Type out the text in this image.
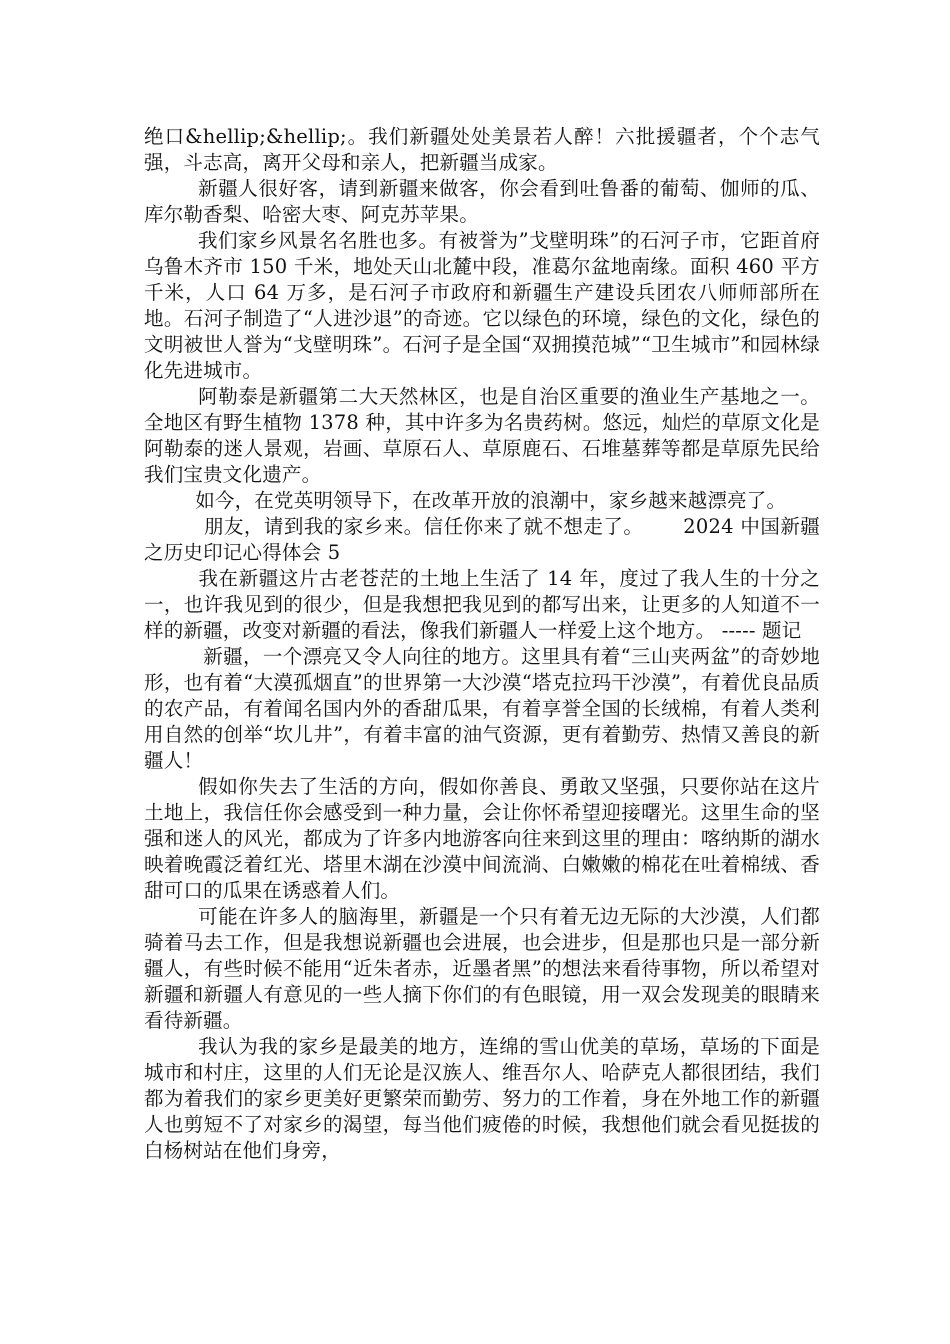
绝口&hellip;&hellip;。我们新疆处处美景若人醉！六批援疆者，个个志气强，斗志高，离开父母和亲人，把新疆当成家。

新疆人很好客，请到新疆来做客，你会看到吐鲁番的葡萄、伽师的瓜、库尔勒香梨、哈密大枣、阿克苏苹果。

我们家乡风景名名胜也多。有被誉为”戈壁明珠”的石河子市，它距首府乌鲁木齐市 150 千米，地处天山北麓中段，准葛尔盆地南缘。面积 460 平方千米，人口 64 万多，是石河子市政府和新疆生产建设兵团农八师师部所在地。石河子制造了“人进沙退”的奇迹。它以绿色的环境，绿色的文化，绿色的文明被世人誉为“戈壁明珠”。石河子是全国“双拥摸范城”“卫生城市”和园林绿化先进城市。

阿勒泰是新疆第二大天然林区，也是自治区重要的渔业生产基地之一。全地区有野生植物 1378 种，其中许多为名贵药树。悠远，灿烂的草原文化是阿勒泰的迷人景观，岩画、草原石人、草原鹿石、石堆墓葬等都是草原先民给我们宝贵文化遗产。

如今，在党英明领导下，在改革开放的浪潮中，家乡越来越漂亮了。

朋友，请到我的家乡来。信任你来了就不想走了。      2024 中国新疆之历史印记心得体会 5

我在新疆这片古老苍茫的土地上生活了 14 年，度过了我人生的十分之一，也许我见到的很少，但是我想把我见到的都写出来，让更多的人知道不一样的新疆，改变对新疆的看法，像我们新疆人一样爱上这个地方。 ----- 题记

新疆，一个漂亮又令人向往的地方。这里具有着“三山夹两盆”的奇妙地形，也有着“大漠孤烟直”的世界第一大沙漠“塔克拉玛干沙漠”，有着优良品质的农产品，有着闻名国内外的香甜瓜果，有着享誉全国的长绒棉，有着人类利用自然的创举“坎儿井”，有着丰富的油气资源，更有着勤劳、热情又善良的新疆人！

假如你失去了生活的方向，假如你善良、勇敢又坚强，只要你站在这片土地上，我信任你会感受到一种力量，会让你怀希望迎接曙光。这里生命的坚强和迷人的风光，都成为了许多内地游客向往来到这里的理由：喀纳斯的湖水映着晚霞泛着红光、塔里木湖在沙漠中间流淌、白嫩嫩的棉花在吐着棉绒、香甜可口的瓜果在诱惑着人们。

可能在许多人的脑海里，新疆是一个只有着无边无际的大沙漠，人们都骑着马去工作，但是我想说新疆也会进展，也会进步，但是那也只是一部分新疆人，有些时候不能用“近朱者赤，近墨者黑”的想法来看待事物，所以希望对新疆和新疆人有意见的一些人摘下你们的有色眼镜，用一双会发现美的眼睛来看待新疆。

我认为我的家乡是最美的地方，连绵的雪山优美的草场，草场的下面是城市和村庄，这里的人们无论是汉族人、维吾尔人、哈萨克人都很团结，我们都为着我们的家乡更美好更繁荣而勤劳、努力的工作着，身在外地工作的新疆人也剪短不了对家乡的渴望，每当他们疲倦的时候，我想他们就会看见挺拔的白杨树站在他们身旁，
